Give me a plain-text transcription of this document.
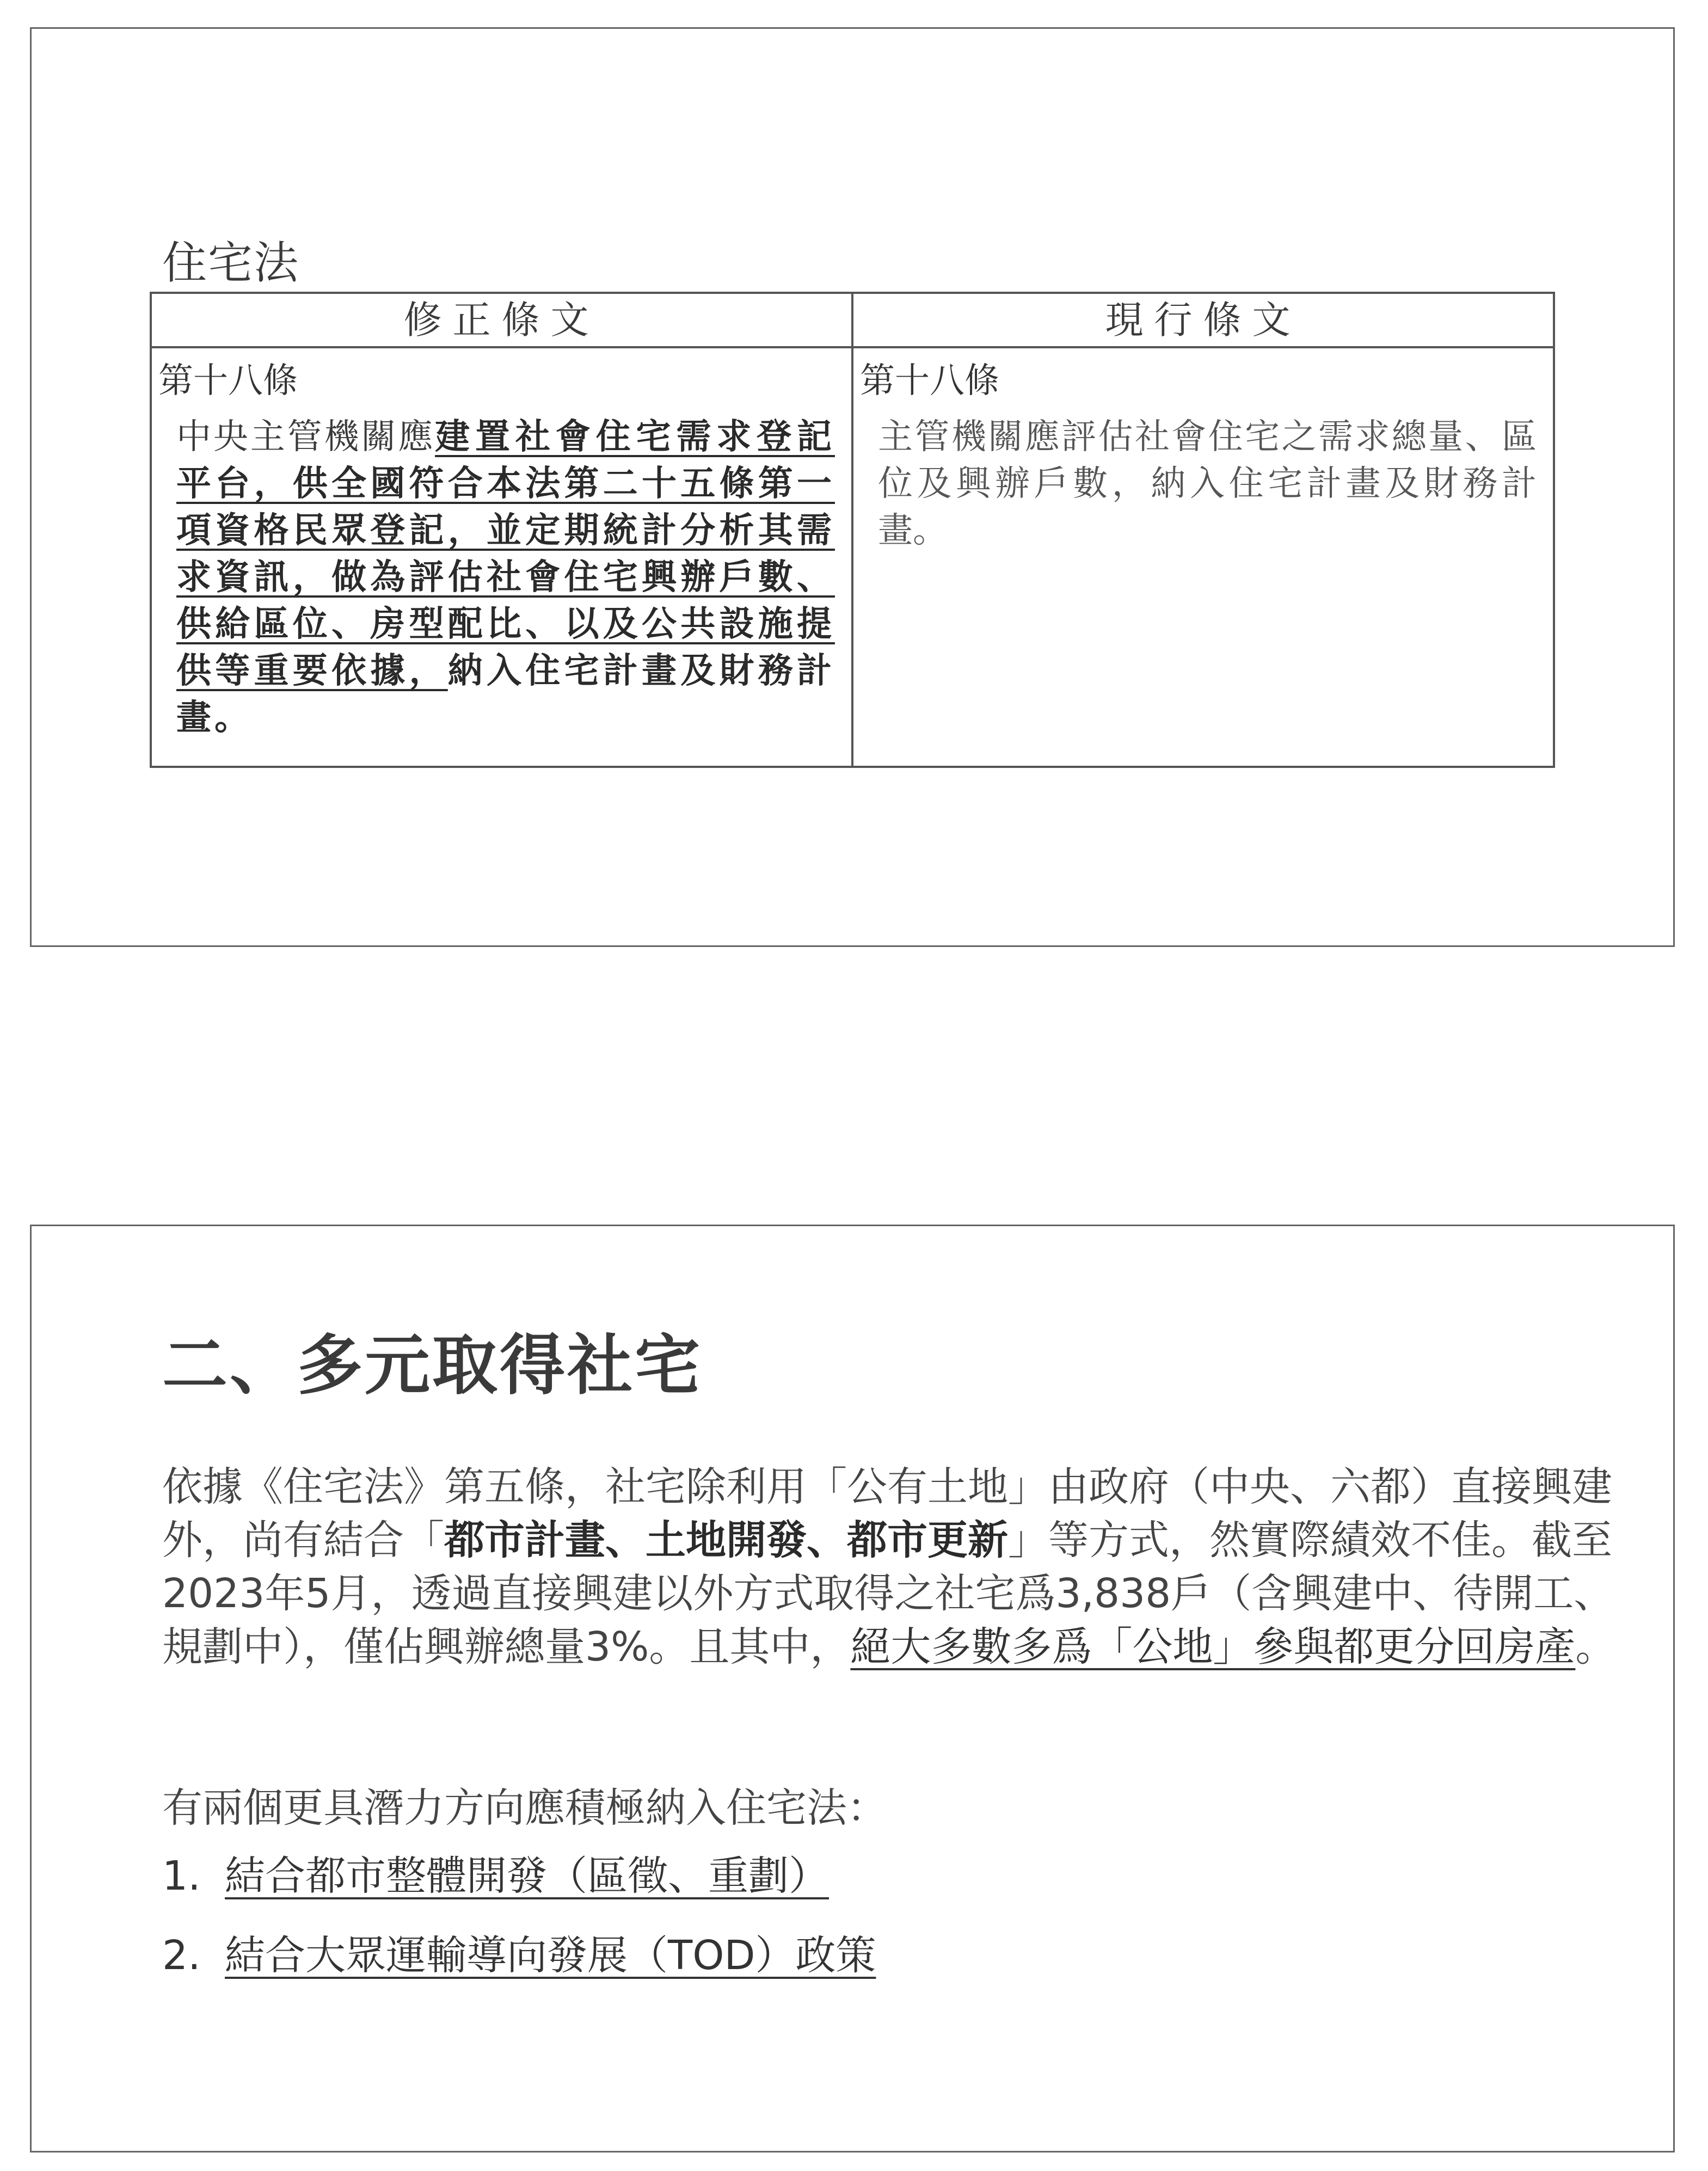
住宅法
修正條文
第十八條
中央主管機關應建置社會住宅需求登記平台，供全國符合本法第二十五條第一項資格民眾登記，並定期統計分析其需求資訊，做為評估社會住宅興辦戶數、供給區位、房型配比、以及公共設施提供等重要依據，納入住宅計畫及財務計畫。
現行條文
第十八條
主管機關應評估社會住宅之需求總量、區位及興辦戶數，納入住宅計畫及財務計畫。
二、多元取得社宅
依據《住宅法》第五條，社宅除利用「公有土地」由政府（中央、六都）直接興建外，尚有結合「都市計畫、土地開發、都市更新」等方式，然實際績效不佳。截至2023年5月，透過直接興建以外方式取得之社宅爲3,838戶（含興建中、待開工、規劃中），僅佔興辦總量3%。且其中，絕大多數多爲「公地」參與都更分回房產。
有兩個更具潛力方向應積極納入住宅法：
1. 結合都市整體開發（區徵、重劃）
2. 結合大眾運輸導向發展（TOD）政策
